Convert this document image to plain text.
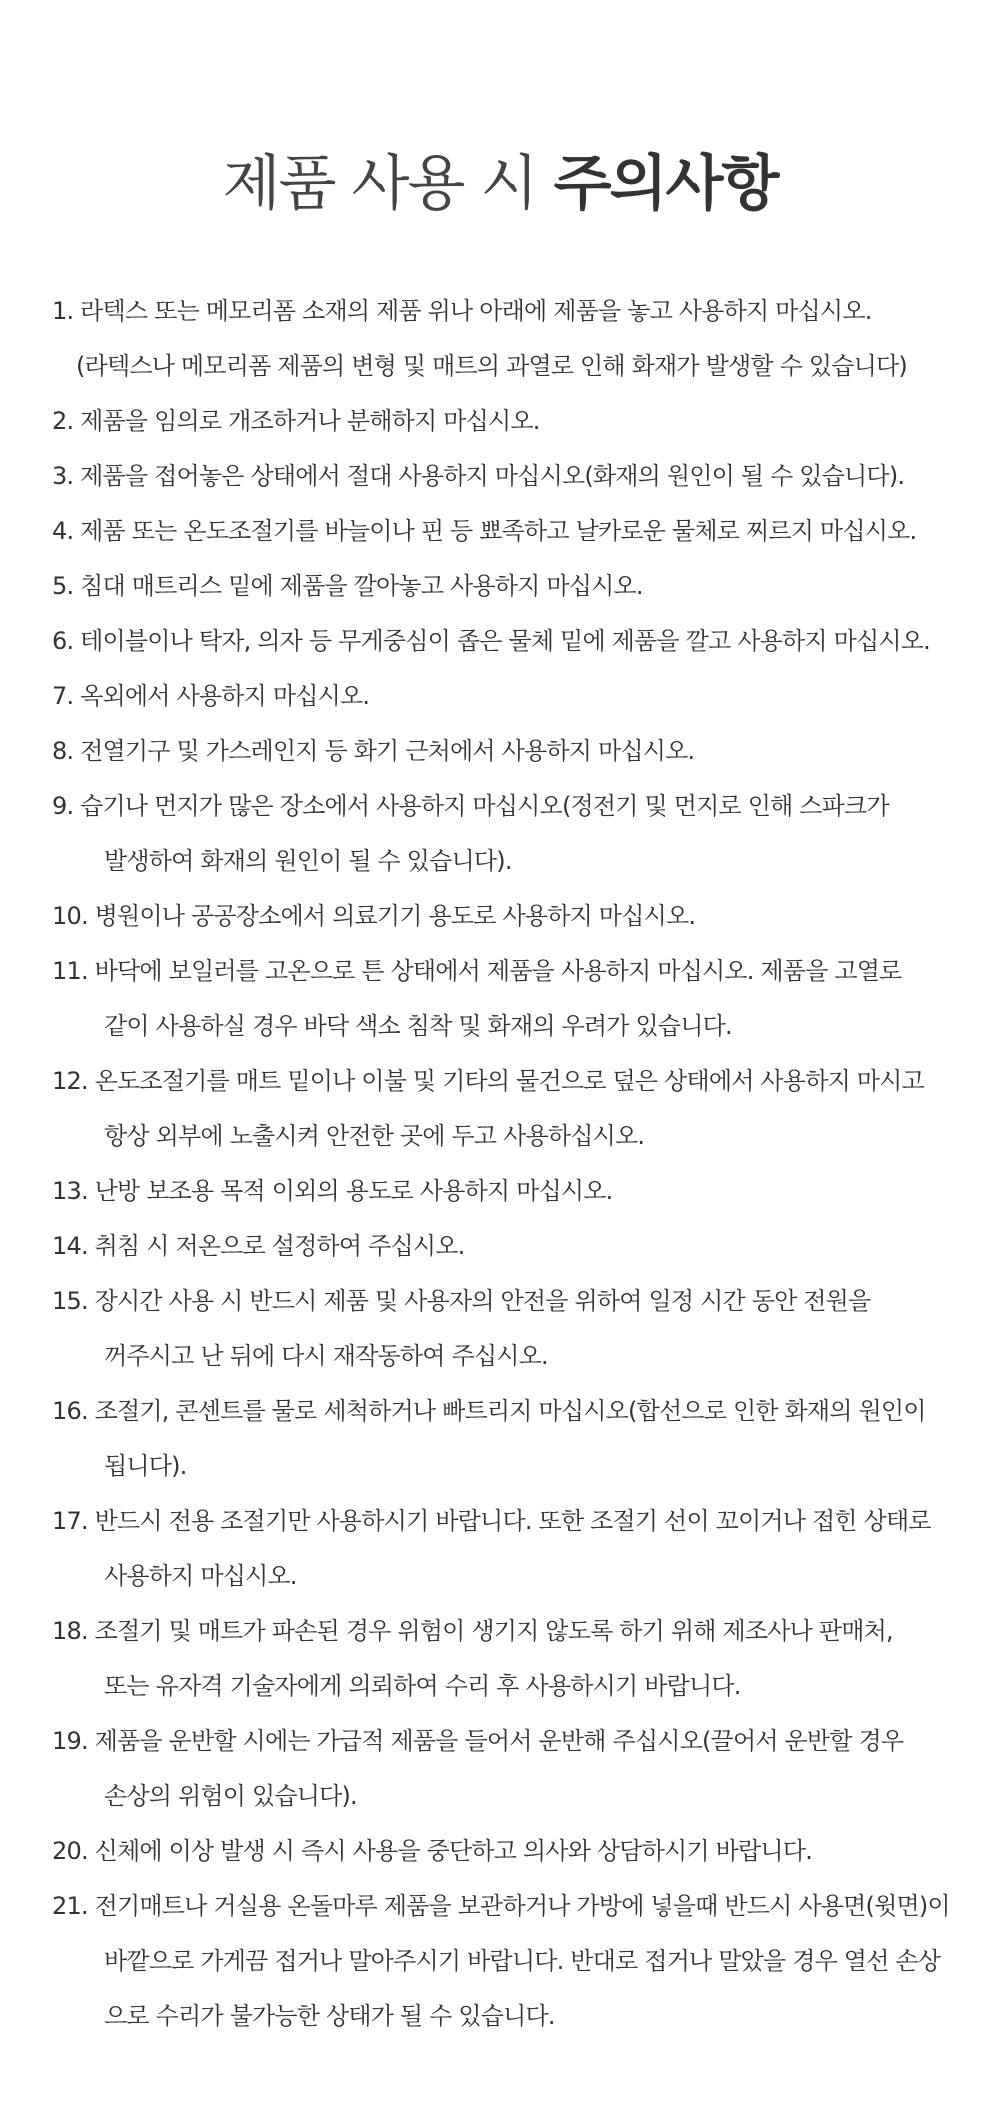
제품 사용 시 주의사항
1. 라텍스 또는 메모리폼 소재의 제품 위나 아래에 제품을 놓고 사용하지 마십시오.
(라텍스나 메모리폼 제품의 변형 및 매트의 과열로 인해 화재가 발생할 수 있습니다)
2. 제품을 임의로 개조하거나 분해하지 마십시오.
3. 제품을 접어놓은 상태에서 절대 사용하지 마십시오(화재의 원인이 될 수 있습니다).
4. 제품 또는 온도조절기를 바늘이나 핀 등 뾰족하고 날카로운 물체로 찌르지 마십시오.
5. 침대 매트리스 밑에 제품을 깔아놓고 사용하지 마십시오.
6. 테이블이나 탁자, 의자 등 무게중심이 좁은 물체 밑에 제품을 깔고 사용하지 마십시오.
7. 옥외에서 사용하지 마십시오.
8. 전열기구 및 가스레인지 등 화기 근처에서 사용하지 마십시오.
9. 습기나 먼지가 많은 장소에서 사용하지 마십시오(정전기 및 먼지로 인해 스파크가
발생하여 화재의 원인이 될 수 있습니다).
10. 병원이나 공공장소에서 의료기기 용도로 사용하지 마십시오.
11. 바닥에 보일러를 고온으로 튼 상태에서 제품을 사용하지 마십시오. 제품을 고열로
같이 사용하실 경우 바닥 색소 침착 및 화재의 우려가 있습니다.
12. 온도조절기를 매트 밑이나 이불 및 기타의 물건으로 덮은 상태에서 사용하지 마시고
항상 외부에 노출시켜 안전한 곳에 두고 사용하십시오.
13. 난방 보조용 목적 이외의 용도로 사용하지 마십시오.
14. 취침 시 저온으로 설정하여 주십시오.
15. 장시간 사용 시 반드시 제품 및 사용자의 안전을 위하여 일정 시간 동안 전원을
꺼주시고 난 뒤에 다시 재작동하여 주십시오.
16. 조절기, 콘센트를 물로 세척하거나 빠트리지 마십시오(합선으로 인한 화재의 원인이
됩니다).
17. 반드시 전용 조절기만 사용하시기 바랍니다. 또한 조절기 선이 꼬이거나 접힌 상태로
사용하지 마십시오.
18. 조절기 및 매트가 파손된 경우 위험이 생기지 않도록 하기 위해 제조사나 판매처,
또는 유자격 기술자에게 의뢰하여 수리 후 사용하시기 바랍니다.
19. 제품을 운반할 시에는 가급적 제품을 들어서 운반해 주십시오(끌어서 운반할 경우
손상의 위험이 있습니다).
20. 신체에 이상 발생 시 즉시 사용을 중단하고 의사와 상담하시기 바랍니다.
21. 전기매트나 거실용 온돌마루 제품을 보관하거나 가방에 넣을때 반드시 사용면(윗면)이
바깥으로 가게끔 접거나 말아주시기 바랍니다. 반대로 접거나 말았을 경우 열선 손상
으로 수리가 불가능한 상태가 될 수 있습니다.
